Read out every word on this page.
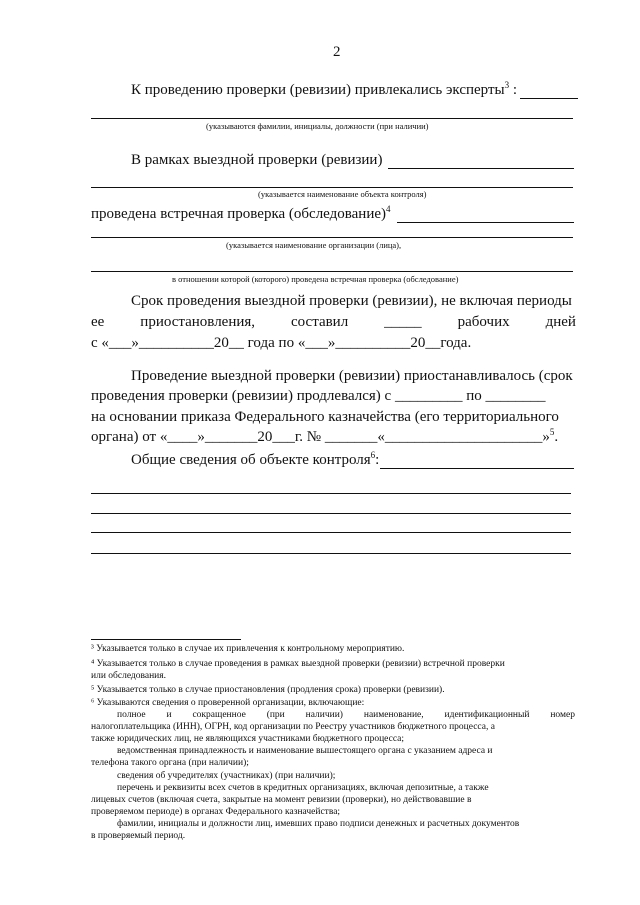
2
К проведению проверки (ревизии) привлекались эксперты$^3$ :
(указываются фамилии, инициалы, должности (при наличии)
В рамках выездной проверки (ревизии)
(указывается наименование объекта контроля)
проведена встречная проверка (обследование)$^4$
(указывается наименование организации (лица),
в отношении которой (которого) проведена встречная проверка (обследование)
Срок проведения выездной проверки (ревизии), не включая периоды
ее приостановления, составил _____ рабочих дней
с «___»__________20__ года по «___»__________20__года.
Проведение выездной проверки (ревизии) приостанавливалось (срок
проведения проверки (ревизии) продлевался) с _________ по ________
на основании приказа Федерального казначейства (его территориального
органа) от «____»_______20___г. № _______«_____________________»$^5$.
Общие сведения об объекте контроля$^6$:
³ Указывается только в случае их привлечения к контрольному мероприятию.
⁴ Указывается только в случае проведения в рамках выездной проверки (ревизии) встречной проверки
или обследования.
⁵ Указывается только в случае приостановления (продления срока) проверки (ревизии).
⁶ Указываются сведения о проверенной организации, включающие:
полное и сокращенное (при наличии) наименование, идентификационный номер
налогоплательщика (ИНН), ОГРН, код организации по Реестру участников бюджетного процесса, а
также юридических лиц, не являющихся участниками бюджетного процесса;
ведомственная принадлежность и наименование вышестоящего органа с указанием адреса и
телефона такого органа (при наличии);
сведения об учредителях (участниках) (при наличии);
перечень и реквизиты всех счетов в кредитных организациях, включая депозитные, а также
лицевых счетов (включая счета, закрытые на момент ревизии (проверки), но действовавшие в
проверяемом периоде) в органах Федерального казначейства;
фамилии, инициалы и должности лиц, имевших право подписи денежных и расчетных документов
в проверяемый период.
